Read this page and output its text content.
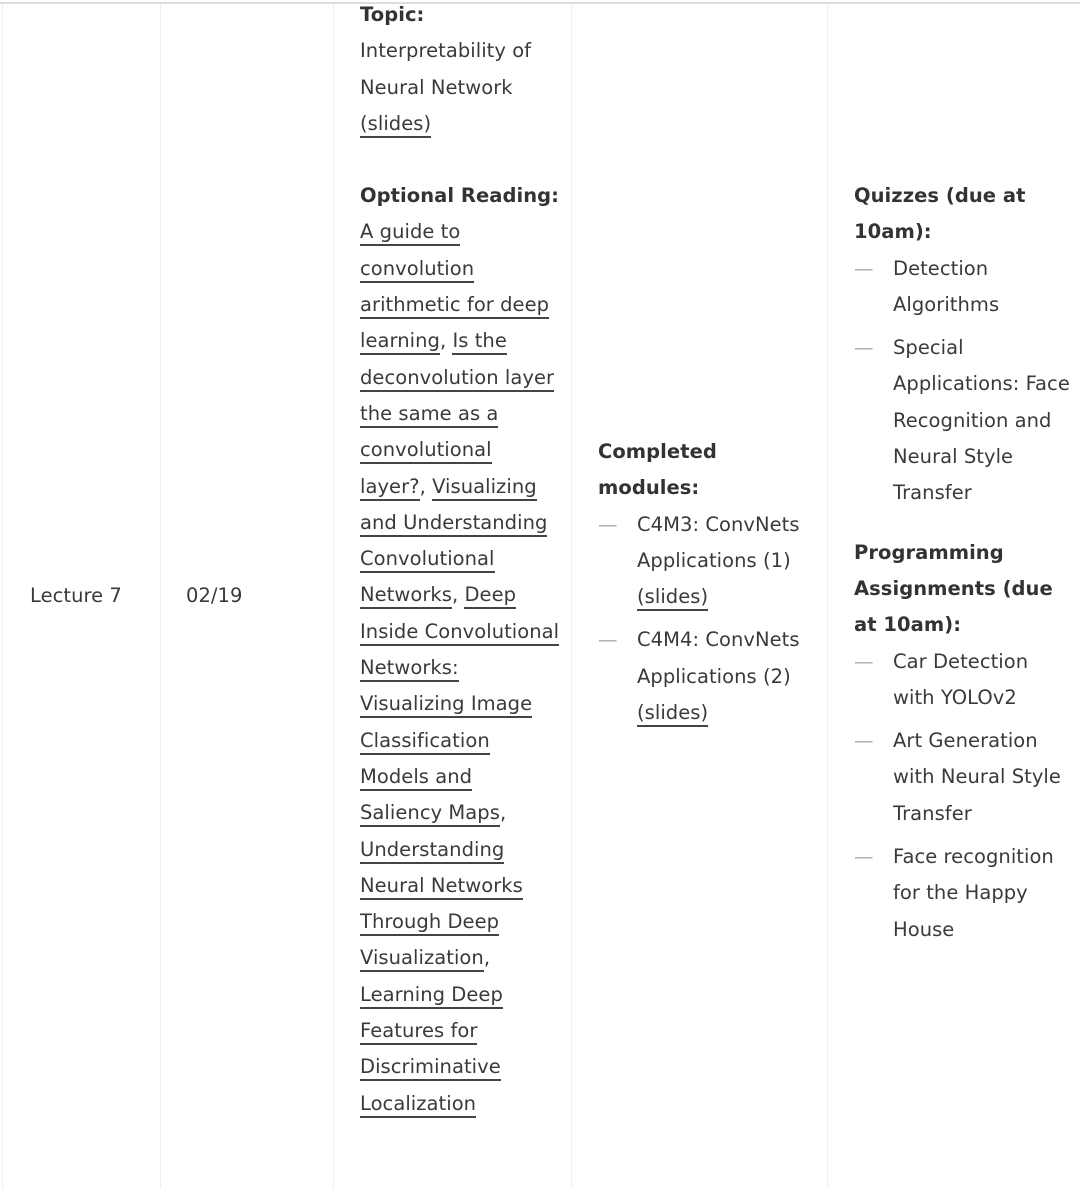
Lecture 7	02/19
Topic:
Interpretability of Neural Network (slides)
Optional Reading: A guide to convolution arithmetic for deep learning, Is the deconvolution layer the same as a convolutional layer?, Visualizing and Understanding Convolutional Networks, Deep Inside Convolutional Networks: Visualizing Image Classification Models and Saliency Maps, Understanding Neural Networks Through Deep Visualization, Learning Deep Features for Discriminative Localization
Completed modules:
— C4M3: ConvNets Applications (1) (slides)
— C4M4: ConvNets Applications (2) (slides)
Quizzes (due at 10am):
— Detection Algorithms
— Special Applications: Face Recognition and Neural Style Transfer
Programming Assignments (due at 10am):
— Car Detection with YOLOv2
— Art Generation with Neural Style Transfer
— Face recognition for the Happy House
